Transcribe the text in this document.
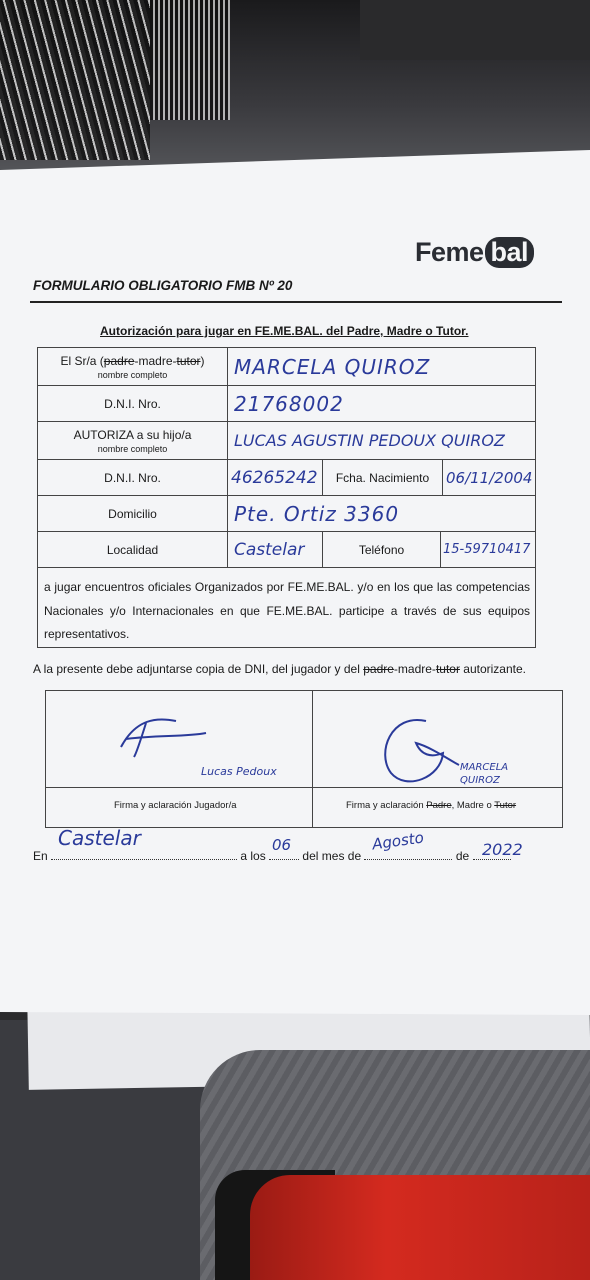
Feme bal
FORMULARIO OBLIGATORIO FMB Nº 20
Autorización para jugar en FE.ME.BAL. del Padre, Madre o Tutor.
El Sr/a (padre-madre-tutor)
nombre completo	MARCELA QUIROZ
D.N.I. Nro.	21768002
AUTORIZA a su hijo/a
nombre completo	LUCAS AGUSTIN PEDOUX QUIROZ
D.N.I. Nro.	46265242	Fcha. Nacimiento	06/11/2004
Domicilio	Pte. Ortiz 3360
Localidad	Castelar	Teléfono	15-59710417
a jugar encuentros oficiales Organizados por FE.ME.BAL. y/o en los que las competencias Nacionales y/o Internacionales en que FE.ME.BAL. participe a través de sus equipos representativos.
A la presente debe adjuntarse copia de DNI, del jugador y del padre-madre-tutor autorizante.
Lucas Pedoux	MARCELA QUIROZ
Firma y aclaración Jugador/a	Firma y aclaración Padre, Madre o Tutor
En	a los	del mes de	de
Castelar	06	Agosto	2022
